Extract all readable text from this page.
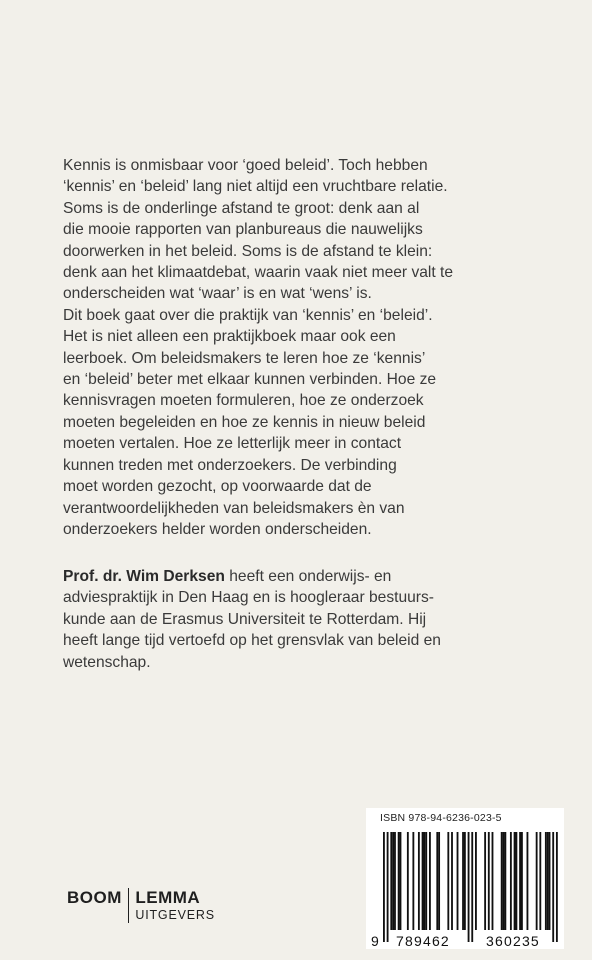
Kennis is onmisbaar voor ‘goed beleid’. Toch hebben
‘kennis’ en ‘beleid’ lang niet altijd een vruchtbare relatie.
Soms is de onderlinge afstand te groot: denk aan al
die mooie rapporten van planbureaus die nauwelijks
doorwerken in het beleid. Soms is de afstand te klein:
denk aan het klimaatdebat, waarin vaak niet meer valt te
onderscheiden wat ‘waar’ is en wat ‘wens’ is.
Dit boek gaat over die praktijk van ‘kennis’ en ‘beleid’.
Het is niet alleen een praktijkboek maar ook een
leerboek. Om beleidsmakers te leren hoe ze ‘kennis’
en ‘beleid’ beter met elkaar kunnen verbinden. Hoe ze
kennisvragen moeten formuleren, hoe ze onderzoek
moeten begeleiden en hoe ze kennis in nieuw beleid
moeten vertalen. Hoe ze letterlijk meer in contact
kunnen treden met onderzoekers. De verbinding
moet worden gezocht, op voorwaarde dat de
verantwoordelijkheden van beleidsmakers èn van
onderzoekers helder worden onderscheiden.
Prof. dr. Wim Derksen heeft een onderwijs- en
adviespraktijk in Den Haag en is hoogleraar bestuurs-
kunde aan de Erasmus Universiteit te Rotterdam. Hij
heeft lange tijd vertoefd op het grensvlak van beleid en
wetenschap.
BOOM LEMMA
UITGEVERS
ISBN 978-94-6236-023-5
9 789462	360235
